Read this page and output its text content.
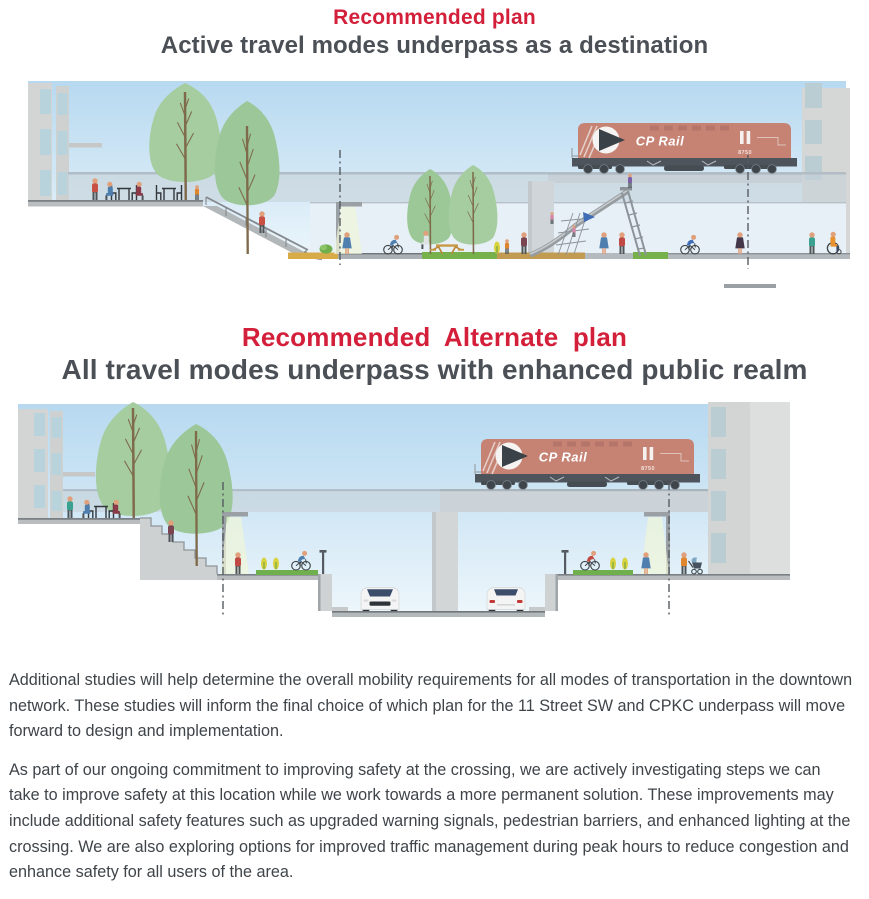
Recommended plan
Active travel modes underpass as a destination
Recommended Alternate plan
All travel modes underpass with enhanced public realm

Additional studies will help determine the overall mobility requirements for all modes of transportation in the downtown network. These studies will inform the final choice of which plan for the 11 Street SW and CPKC underpass will move forward to design and implementation.

As part of our ongoing commitment to improving safety at the crossing, we are actively investigating steps we can take to improve safety at this location while we work towards a more permanent solution. These improvements may include additional safety features such as upgraded warning signals, pedestrian barriers, and enhanced lighting at the crossing. We are also exploring options for improved traffic management during peak hours to reduce congestion and enhance safety for all users of the area.
